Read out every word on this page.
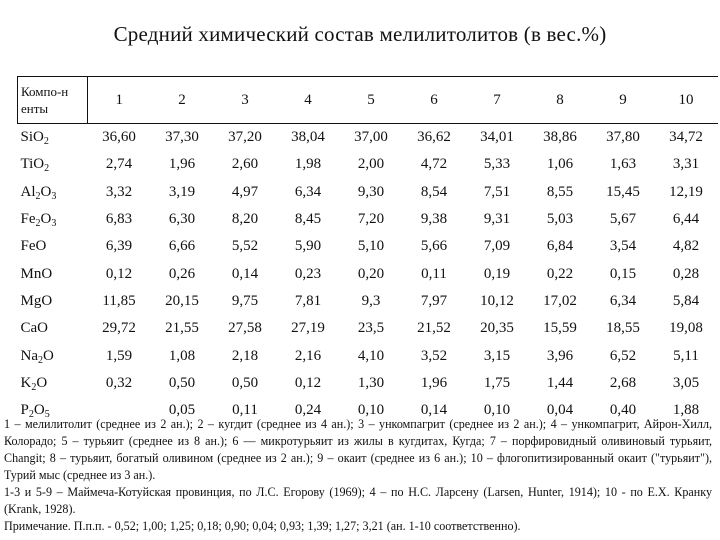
Средний химический состав мелилитолитов (в вес.%)
Компо-н енты	1	2	3	4	5	6	7	8	9	10
SiO$_2$	36,60	37,30	37,20	38,04	37,00	36,62	34,01	38,86	37,80	34,72
TiO$_2$	2,74	1,96	2,60	1,98	2,00	4,72	5,33	1,06	1,63	3,31
$Al_2O_3$	3,32	3,19	4,97	6,34	9,30	8,54	7,51	8,55	15,45	12,19
$Fe_2O_3$	6,83	6,30	8,20	8,45	7,20	9,38	9,31	5,03	5,67	6,44
FeO	6,39	6,66	5,52	5,90	5,10	5,66	7,09	6,84	3,54	4,82
MnO	0,12	0,26	0,14	0,23	0,20	0,11	0,19	0,22	0,15	0,28
MgO	11,85	20,15	9,75	7,81	9,3	7,97	10,12	17,02	6,34	5,84
CaO	29,72	21,55	27,58	27,19	23,5	21,52	20,35	15,59	18,55	19,08
$Na_2O$	1,59	1,08	2,18	2,16	4,10	3,52	3,15	3,96	6,52	5,11
$K_2O$	0,32	0,50	0,50	0,12	1,30	1,96	1,75	1,44	2,68	3,05
$P_2O_5$		0,05	0,11	0,24	0,10	0,14	0,10	0,04	0,40	1,88

1 – мелилитолит (среднее из 2 ан.); 2 – кугдит (среднее из 4 ан.); 3 – ункомпагрит (среднее из 2 ан.); 4 – ункомпагрит, Айрон-Хилл, Колорадо; 5 – турьяит (среднее из 8 ан.); 6 — микротурьяит из жилы в кугдитах, Кугда; 7 – порфировидный оливиновый турьяит, Changit; 8 – турьяит, богатый оливином (среднее из 2 ан.); 9 – окаит (среднее из 6 ан.); 10 – флогопитизированный окаит ("турьяит"), Турий мыс (среднее из 3 ан.).

1-3 и 5-9 – Маймеча-Котуйская провинция, по Л.С. Егорову (1969); 4 – по Н.С. Ларсену (Larsen, Hunter, 1914); 10 - по Е.Х. Кранку (Krank, 1928).

Примечание. П.п.п. - 0,52; 1,00; 1,25; 0,18; 0,90; 0,04; 0,93; 1,39; 1,27; 3,21 (ан. 1-10 соответственно).
